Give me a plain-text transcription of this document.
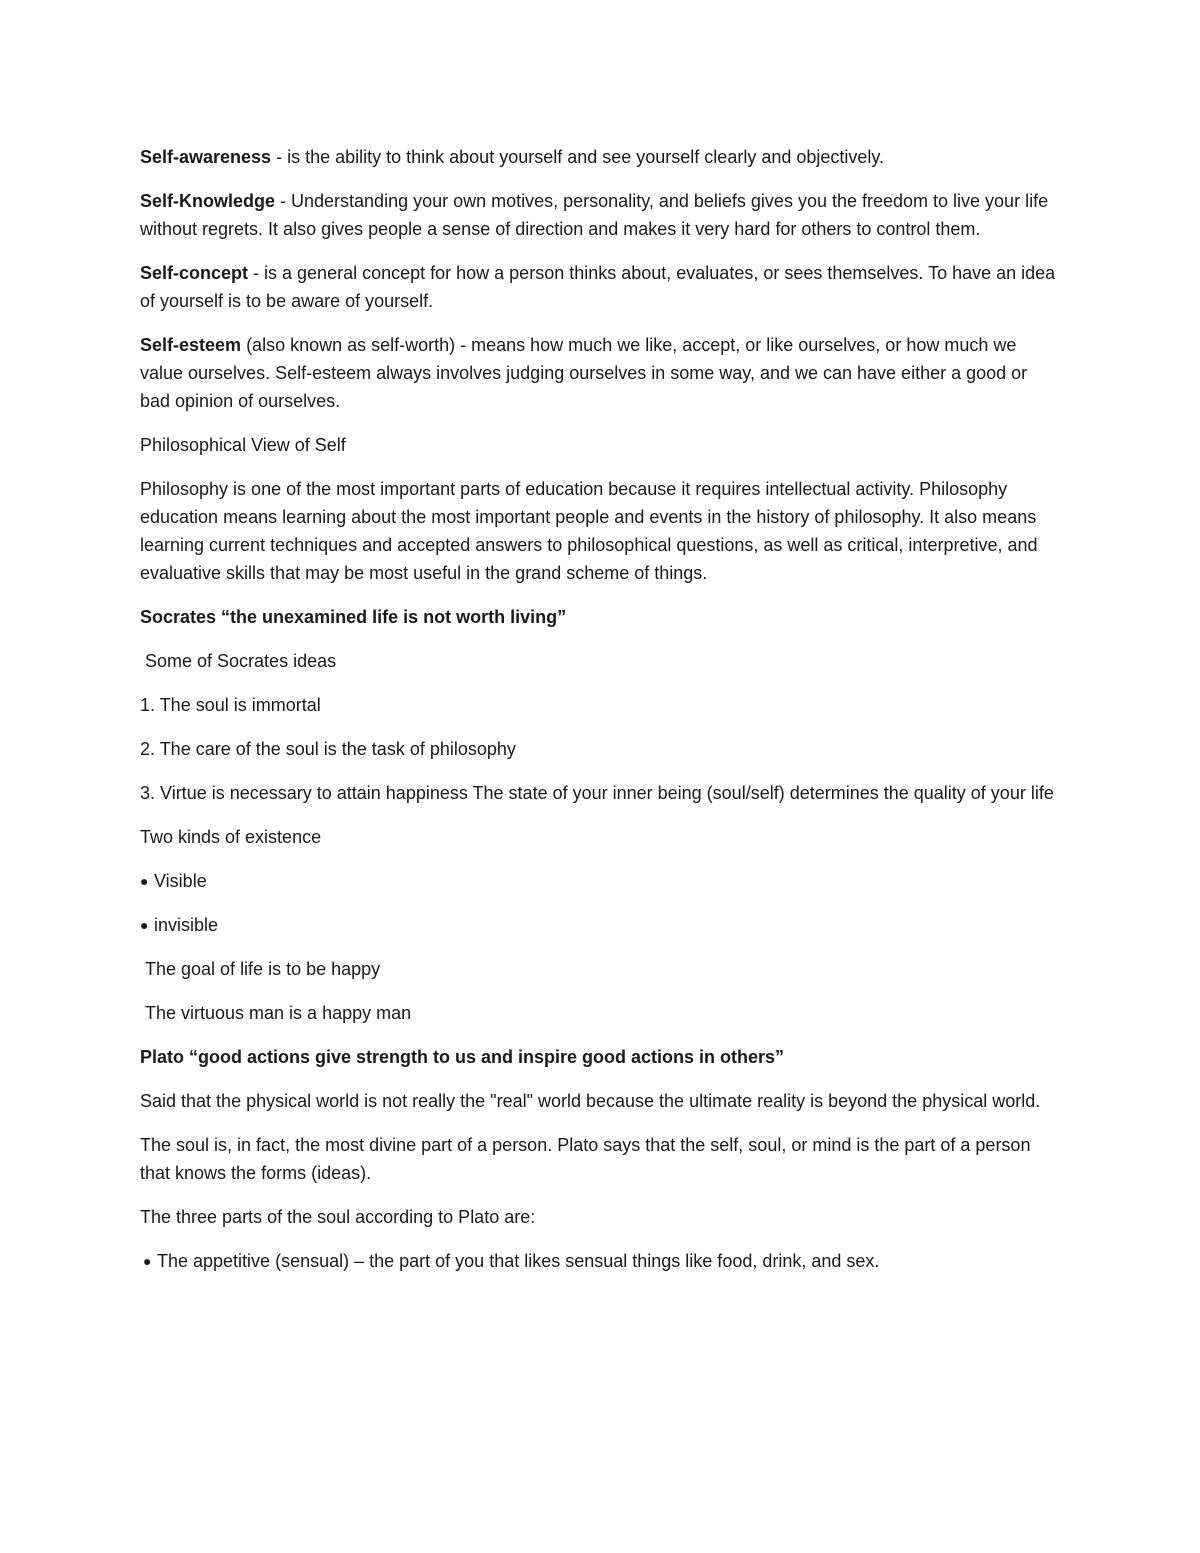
Self-awareness - is the ability to think about yourself and see yourself clearly and objectively.

Self-Knowledge - Understanding your own motives, personality, and beliefs gives you the freedom to live your life without regrets. It also gives people a sense of direction and makes it very hard for others to control them.

Self-concept - is a general concept for how a person thinks about, evaluates, or sees themselves. To have an idea of yourself is to be aware of yourself.

Self-esteem (also known as self-worth) - means how much we like, accept, or like ourselves, or how much we value ourselves. Self-esteem always involves judging ourselves in some way, and we can have either a good or bad opinion of ourselves.

Philosophical View of Self

Philosophy is one of the most important parts of education because it requires intellectual activity. Philosophy education means learning about the most important people and events in the history of philosophy. It also means learning current techniques and accepted answers to philosophical questions, as well as critical, interpretive, and evaluative skills that may be most useful in the grand scheme of things.

Socrates “the unexamined life is not worth living”

Some of Socrates ideas

1. The soul is immortal

2. The care of the soul is the task of philosophy

3. Virtue is necessary to attain happiness The state of your inner being (soul/self) determines the quality of your life

Two kinds of existence

● Visible

● invisible

The goal of life is to be happy

The virtuous man is a happy man

Plato “good actions give strength to us and inspire good actions in others”

Said that the physical world is not really the "real" world because the ultimate reality is beyond the physical world.

The soul is, in fact, the most divine part of a person. Plato says that the self, soul, or mind is the part of a person that knows the forms (ideas).

The three parts of the soul according to Plato are:

● The appetitive (sensual) – the part of you that likes sensual things like food, drink, and sex.
